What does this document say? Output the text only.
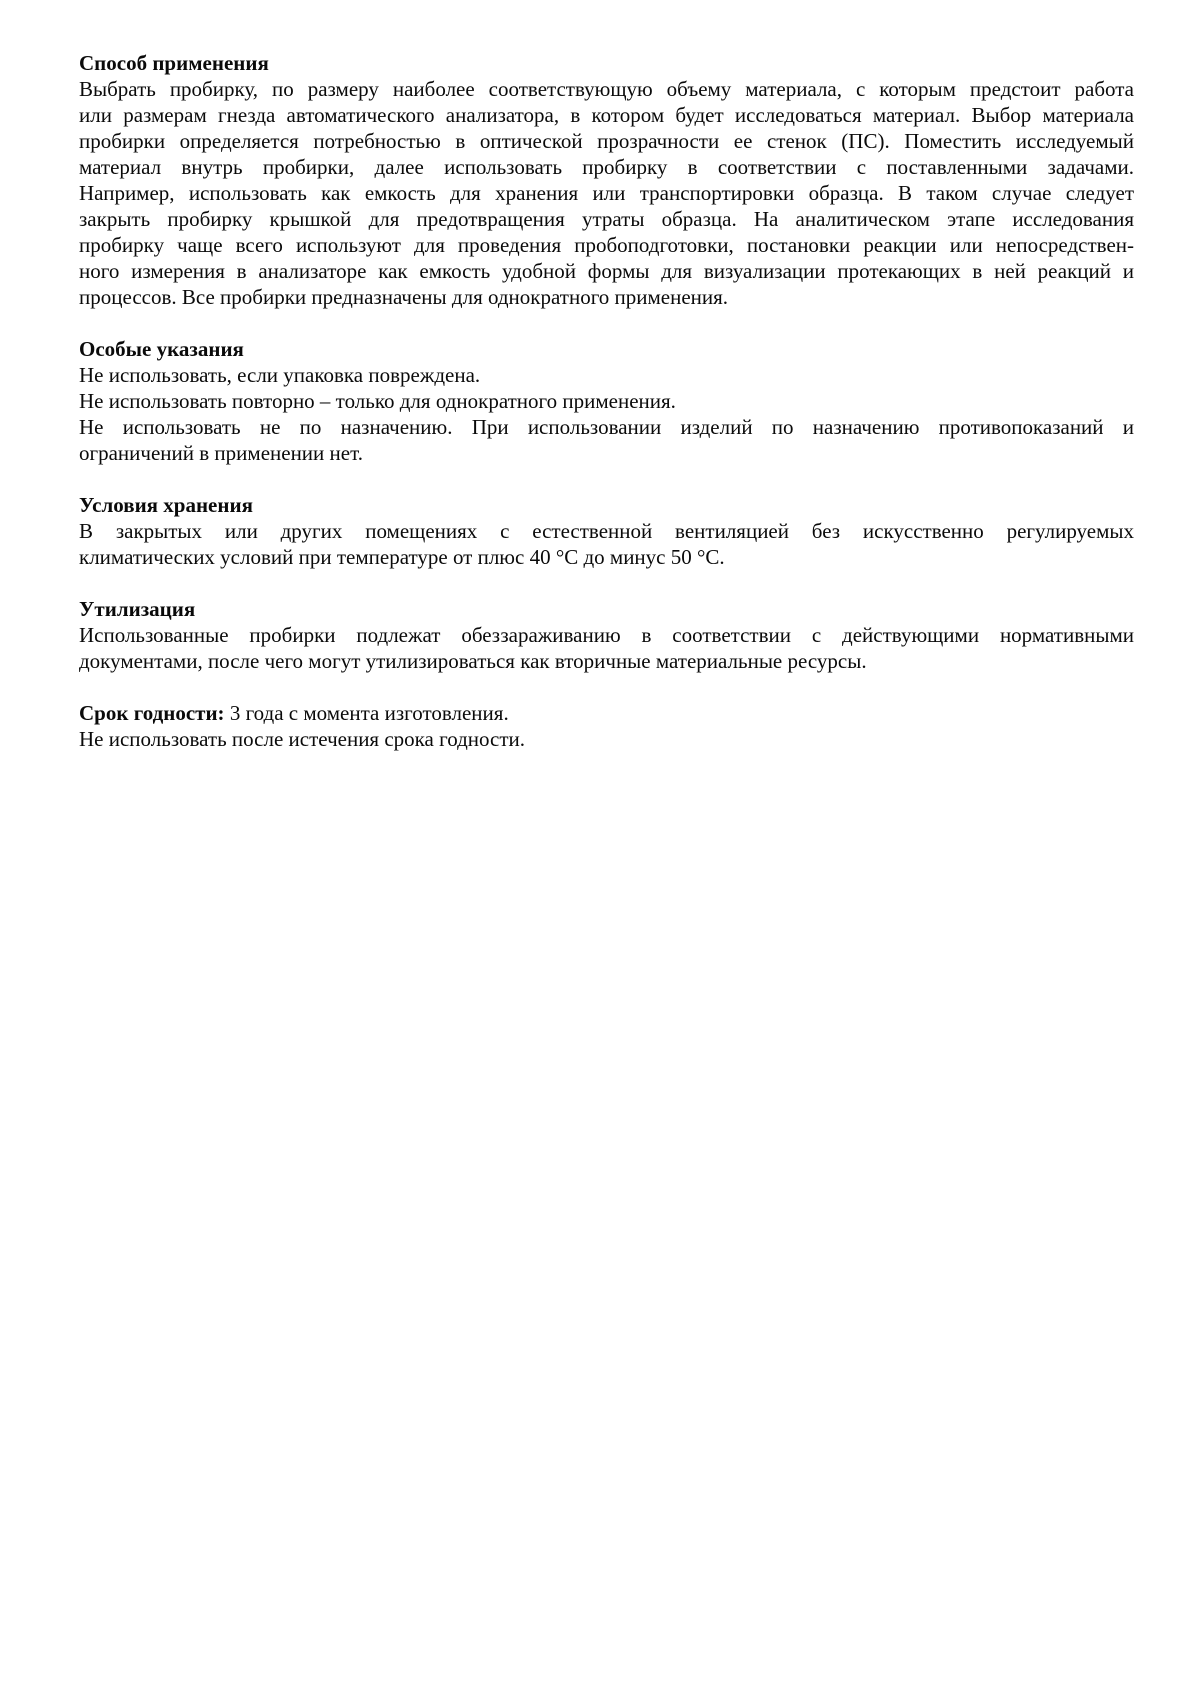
Способ применения
Выбрать пробирку, по размеру наиболее соответствующую объему материала, с которым предстоит работа
или размерам гнезда автоматического анализатора, в котором будет исследоваться материал. Выбор материала
пробирки определяется потребностью в оптической прозрачности ее стенок (ПС). Поместить исследуемый
материал внутрь пробирки, далее использовать пробирку в соответствии с поставленными задачами.
Например, использовать как емкость для хранения или транспортировки образца. В таком случае следует
закрыть пробирку крышкой для предотвращения утраты образца. На аналитическом этапе исследования
пробирку чаще всего используют для проведения пробоподготовки, постановки реакции или непосредствен-
ного измерения в анализаторе как емкость удобной формы для визуализации протекающих в ней реакций и
процессов. Все пробирки предназначены для однократного применения.
Особые указания
Не использовать, если упаковка повреждена.
Не использовать повторно – только для однократного применения.
Не использовать не по назначению. При использовании изделий по назначению противопоказаний и
ограничений в применении нет.
Условия хранения
В закрытых или других помещениях с естественной вентиляцией без искусственно регулируемых
климатических условий при температуре от плюс 40 °С до минус 50 °С.
Утилизация
Использованные пробирки подлежат обеззараживанию в соответствии с действующими нормативными
документами, после чего могут утилизироваться как вторичные материальные ресурсы.
Срок годности: 3 года с момента изготовления.
Не использовать после истечения срока годности.
